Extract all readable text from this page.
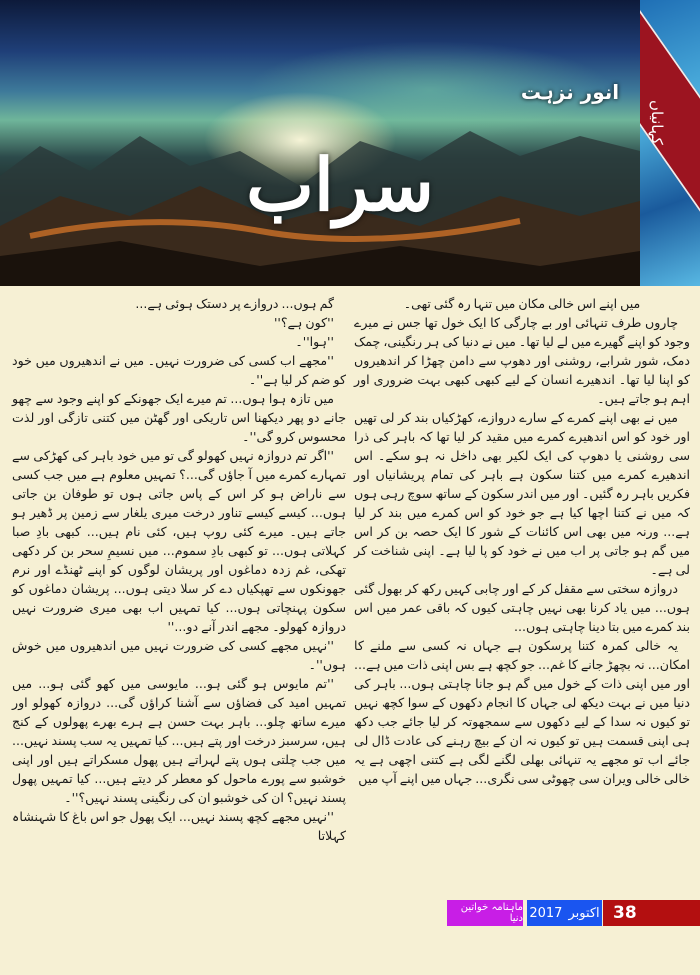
انور نزہت
سراب
کہانیاں

میں اپنے اس خالی مکان میں تنہا رہ گئی تھی۔

چاروں طرف تنہائی اور بے چارگی کا ایک خول تھا جس نے میرے وجود کو اپنے گھیرے میں لے لیا تھا۔ میں نے دنیا کی ہر رنگینی، چمک دمک، شور شرابے، روشنی اور دھوپ سے دامن چھڑا کر اندھیروں کو اپنا لیا تھا۔ اندھیرے انسان کے لیے کبھی کبھی بہت ضروری اور اہم ہو جاتے ہیں۔

میں نے بھی اپنے کمرے کے سارے دروازے، کھڑکیاں بند کر لی تھیں اور خود کو اس اندھیرے کمرے میں مقید کر لیا تھا کہ باہر کی ذرا سی روشنی یا دھوپ کی ایک لکیر بھی داخل نہ ہو سکے۔ اس اندھیرے کمرے میں کتنا سکون ہے باہر کی تمام پریشانیاں اور فکریں باہر رہ گئیں۔ اور میں اندر سکون کے ساتھ سوچ رہی ہوں کہ میں نے کتنا اچھا کیا ہے جو خود کو اس کمرے میں بند کر لیا ہے... ورنہ میں بھی اس کائنات کے شور کا ایک حصہ بن کر اس میں گم ہو جاتی پر اب میں نے خود کو پا لیا ہے۔ اپنی شناخت کر لی ہے۔

دروازہ سختی سے مقفل کر کے اور چابی کہیں رکھ کر بھول گئی ہوں... میں یاد کرنا بھی نہیں چاہتی کیوں کہ باقی عمر میں اس بند کمرے میں بتا دینا چاہتی ہوں...

یہ خالی کمرہ کتنا پرسکون ہے جہاں نہ کسی سے ملنے کا امکان... نہ بچھڑ جانے کا غم... جو کچھ ہے بس اپنی ذات میں ہے... اور میں اپنی ذات کے خول میں گم ہو جانا چاہتی ہوں... باہر کی دنیا میں نے بہت دیکھ لی جہاں کا انجام دکھوں کے سوا کچھ نہیں تو کیوں نہ سدا کے لیے دکھوں سے سمجھوتہ کر لیا جائے جب دکھ ہی اپنی قسمت ہیں تو کیوں نہ ان کے بیچ رہنے کی عادت ڈال لی جائے اب تو مجھے یہ تنہائی بھلی لگنے لگی ہے کتنی اچھی ہے یہ خالی خالی ویران سی چھوٹی سی نگری... جہاں میں اپنے آپ میں

گم ہوں... دروازے پر دستک ہوئی ہے...

''کون ہے؟''

''ہوا''۔

''مجھے اب کسی کی ضرورت نہیں۔ میں نے اندھیروں میں خود کو ضم کر لیا ہے''۔

میں تازہ ہوا ہوں... تم میرے ایک جھونکے کو اپنے وجود سے چھو جانے دو پھر دیکھنا اس تاریکی اور گھٹن میں کتنی تازگی اور لذت محسوس کرو گی''۔

''اگر تم دروازہ نہیں کھولو گی تو میں خود باہر کی کھڑکی سے تمہارے کمرے میں آ جاؤں گی...؟ تمہیں معلوم ہے میں جب کسی سے ناراض ہو کر اس کے پاس جاتی ہوں تو طوفان بن جاتی ہوں... کیسے کیسے تناور درخت میری یلغار سے زمین پر ڈھیر ہو جاتے ہیں۔ میرے کئی روپ ہیں، کئی نام ہیں... کبھی بادِ صبا کہلاتی ہوں... تو کبھی بادِ سموم... میں نسیمِ سحر بن کر دکھی تھکی، غم زدہ دماغوں اور پریشان لوگوں کو اپنے ٹھنڈے اور نرم جھونکوں سے تھپکیاں دے کر سلا دیتی ہوں... پریشان دماغوں کو سکون پہنچاتی ہوں... کیا تمہیں اب بھی میری ضرورت نہیں دروازہ کھولو۔ مجھے اندر آنے دو...''

''نہیں مجھے کسی کی ضرورت نہیں میں اندھیروں میں خوش ہوں''۔

''تم مایوس ہو گئی ہو... مایوسی میں کھو گئی ہو... میں تمہیں امید کی فضاؤں سے آشنا کراؤں گی... دروازہ کھولو اور میرے ساتھ چلو... باہر بہت حسن ہے ہرے بھرے پھولوں کے کنج ہیں، سرسبز درخت اور پتے ہیں... کیا تمہیں یہ سب پسند نہیں... میں جب چلتی ہوں پتے لہراتے ہیں پھول مسکراتے ہیں اور اپنی خوشبو سے پورے ماحول کو معطر کر دیتے ہیں... کیا تمہیں پھول پسند نہیں؟ ان کی خوشبو ان کی رنگینی پسند نہیں؟''۔

''نہیں مجھے کچھ پسند نہیں... ایک پھول جو اس باغ کا شہنشاہ کہلاتا

ماہنامہ خواتین دنیا	اکتوبر
2017	38
